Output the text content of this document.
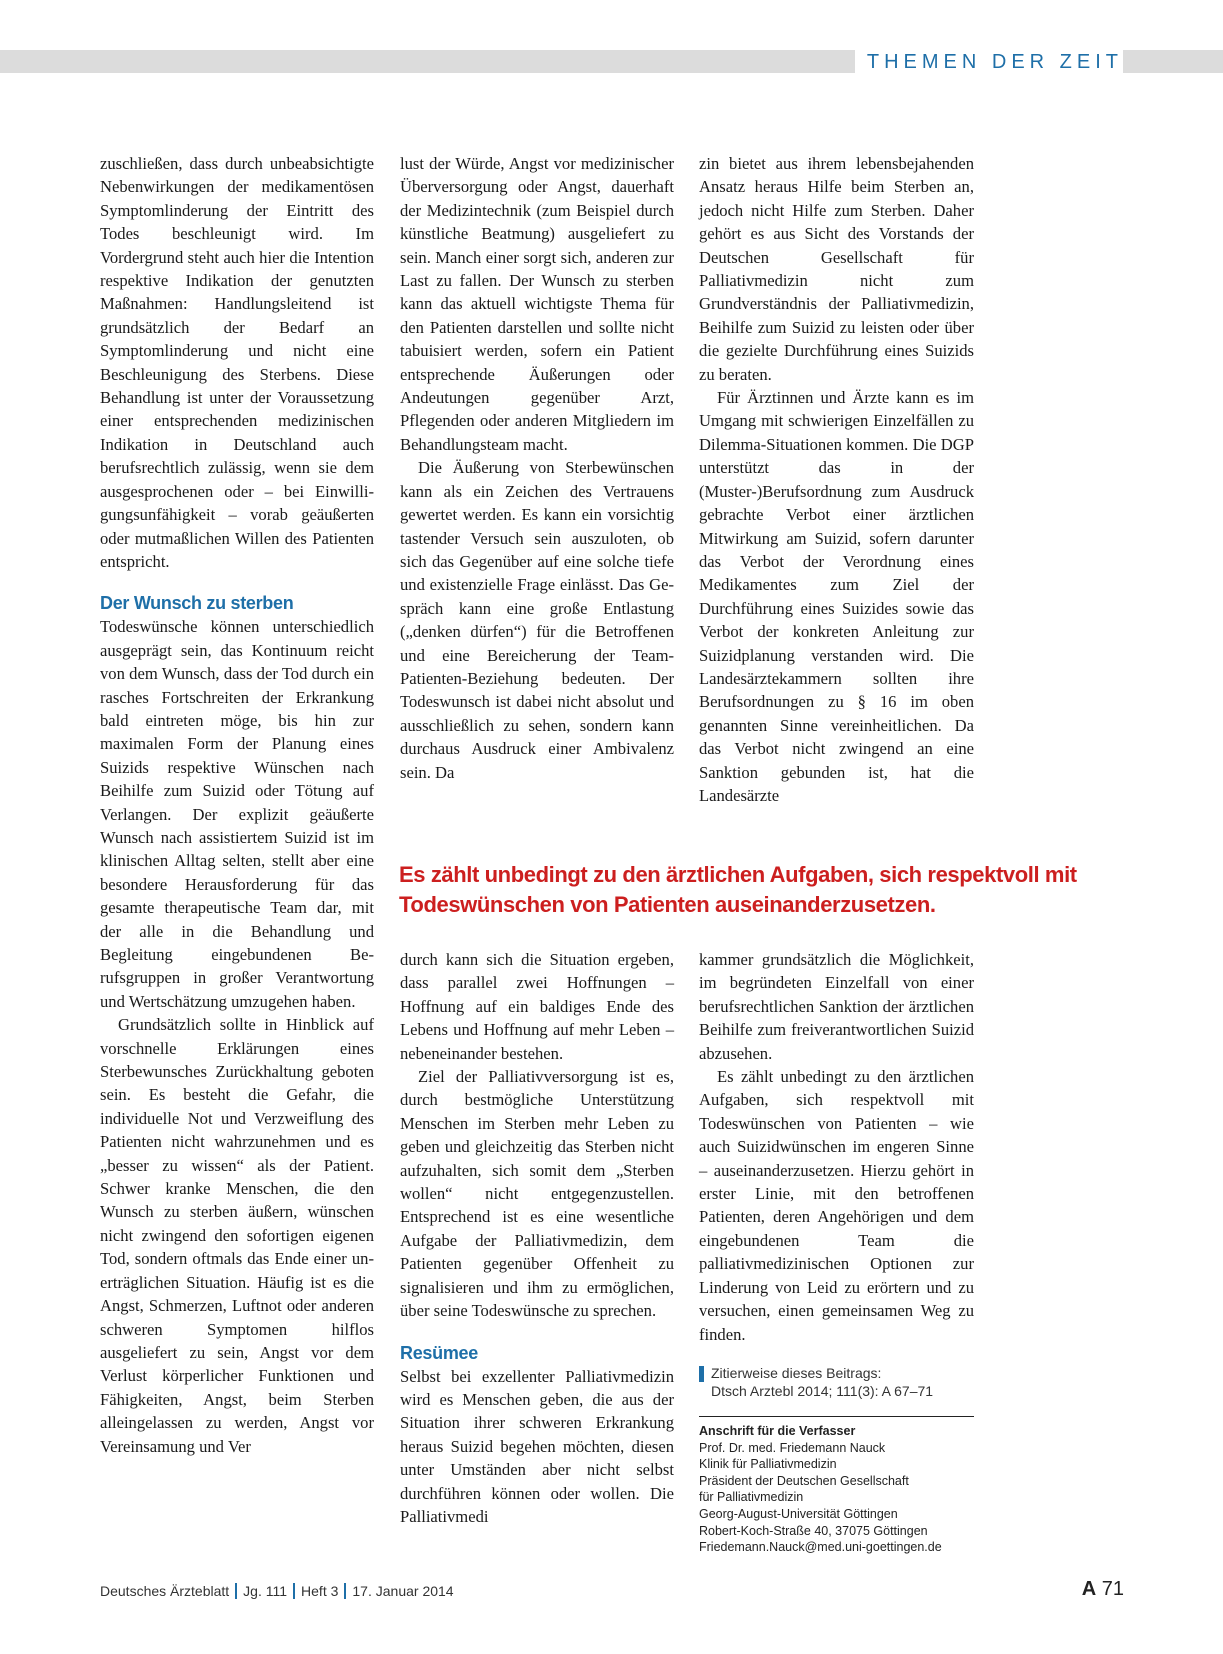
THEMEN DER ZEIT

zuschließen, dass durch unbeabsichtigte Nebenwirkungen der medikamentösen Symptomlinderung der Eintritt des Todes beschleunigt wird. Im Vordergrund steht auch hier die Intention respektive Indikation der genutzten Maßnahmen: Handlungsleitend ist grundsätzlich der Bedarf an Symptomlinderung und nicht eine Beschleunigung des Sterbens. Diese Behandlung ist unter der Voraussetzung einer entsprechenden medizinischen Indikation in Deutschland auch berufsrechtlich zulässig, wenn sie dem ausgesprochenen oder – bei Einwilligungsunfähigkeit – vorab geäußerten oder mutmaßlichen Willen des Patienten entspricht.

Der Wunsch zu sterben

Todeswünsche können unterschiedlich ausgeprägt sein, das Kontinuum reicht von dem Wunsch, dass der Tod durch ein rasches Fortschreiten der Erkrankung bald eintreten möge, bis hin zur maximalen Form der Planung eines Suizids respektive Wünschen nach Beihilfe zum Suizid oder Tötung auf Verlangen. Der explizit geäußerte Wunsch nach assistiertem Suizid ist im klinischen Alltag selten, stellt aber eine besondere Herausforderung für das gesamte therapeutische Team dar, mit der alle in die Behandlung und Begleitung eingebundenen Berufsgruppen in großer Verantwortung und Wertschätzung umzugehen haben.

Grundsätzlich sollte in Hinblick auf vorschnelle Erklärungen eines Sterbewunsches Zurückhaltung geboten sein. Es besteht die Gefahr, die individuelle Not und Verzweiflung des Patienten nicht wahrzunehmen und es „besser zu wissen“ als der Patient. Schwer kranke Menschen, die den Wunsch zu sterben äußern, wünschen nicht zwingend den sofortigen eigenen Tod, sondern oftmals das Ende einer unerträglichen Situation. Häufig ist es die Angst, Schmerzen, Luftnot oder anderen schweren Symptomen hilflos ausgeliefert zu sein, Angst vor dem Verlust körperlicher Funktionen und Fähigkeiten, Angst, beim Sterben alleingelassen zu werden, Angst vor Vereinsamung und Ver

lust der Würde, Angst vor medizinischer Überversorgung oder Angst, dauerhaft der Medizintechnik (zum Beispiel durch künstliche Beatmung) ausgeliefert zu sein. Manch einer sorgt sich, anderen zur Last zu fallen. Der Wunsch zu sterben kann das aktuell wichtigste Thema für den Patienten darstellen und sollte nicht tabuisiert werden, sofern ein Patient entsprechende Äußerungen oder Andeutungen gegenüber Arzt, Pflegenden oder anderen Mitgliedern im Behandlungsteam macht.

Die Äußerung von Sterbewünschen kann als ein Zeichen des Vertrauens gewertet werden. Es kann ein vorsichtig tastender Versuch sein auszuloten, ob sich das Gegenüber auf eine solche tiefe und existenzielle Frage einlässt. Das Gespräch kann eine große Entlastung („denken dürfen“) für die Betroffenen und eine Bereicherung der Team-Patienten-Beziehung bedeuten. Der Todeswunsch ist dabei nicht absolut und ausschließlich zu sehen, sondern kann durchaus Ausdruck einer Ambivalenz sein. Da

zin bietet aus ihrem lebensbejahenden Ansatz heraus Hilfe beim Sterben an, jedoch nicht Hilfe zum Sterben. Daher gehört es aus Sicht des Vorstands der Deutschen Gesellschaft für Palliativmedizin nicht zum Grundverständnis der Palliativmedizin, Beihilfe zum Suizid zu leisten oder über die gezielte Durchführung eines Suizids zu beraten.

Für Ärztinnen und Ärzte kann es im Umgang mit schwierigen Einzelfällen zu Dilemma-Situationen kommen. Die DGP unterstützt das in der (Muster-)Berufsordnung zum Ausdruck gebrachte Verbot einer ärztlichen Mitwirkung am Suizid, sofern darunter das Verbot der Verordnung eines Medikamentes zum Ziel der Durchführung eines Suizides sowie das Verbot der konkreten Anleitung zur Suizidplanung verstanden wird. Die Landesärztekammern sollten ihre Berufsordnungen zu § 16 im oben genannten Sinne vereinheitlichen. Da das Verbot nicht zwingend an eine Sanktion gebunden ist, hat die Landesärzte

Es zählt unbedingt zu den ärztlichen Aufgaben, sich respektvoll mit Todeswünschen von Patienten auseinanderzusetzen.

durch kann sich die Situation ergeben, dass parallel zwei Hoffnungen – Hoffnung auf ein baldiges Ende des Lebens und Hoffnung auf mehr Leben – nebeneinander bestehen.

Ziel der Palliativversorgung ist es, durch bestmögliche Unterstützung Menschen im Sterben mehr Leben zu geben und gleichzeitig das Sterben nicht aufzuhalten, sich somit dem „Sterben wollen“ nicht entgegenzustellen. Entsprechend ist es eine wesentliche Aufgabe der Palliativmedizin, dem Patienten gegenüber Offenheit zu signalisieren und ihm zu ermöglichen, über seine Todeswünsche zu sprechen.

Resümee

Selbst bei exzellenter Palliativmedizin wird es Menschen geben, die aus der Situation ihrer schweren Erkrankung heraus Suizid begehen möchten, diesen unter Umständen aber nicht selbst durchführen können oder wollen. Die Palliativmedi

kammer grundsätzlich die Möglichkeit, im begründeten Einzelfall von einer berufsrechtlichen Sanktion der ärztlichen Beihilfe zum freiverantwortlichen Suizid abzusehen.

Es zählt unbedingt zu den ärztlichen Aufgaben, sich respektvoll mit Todeswünschen von Patienten – wie auch Suizidwünschen im engeren Sinne – auseinanderzusetzen. Hierzu gehört in erster Linie, mit den betroffenen Patienten, deren Angehörigen und dem eingebundenen Team die palliativmedizinischen Optionen zur Linderung von Leid zu erörtern und zu versuchen, einen gemeinsamen Weg zu finden.

Zitierweise dieses Beitrags:
Dtsch Arztebl 2014; 111(3): A 67–71
Anschrift für die Verfasser
Prof. Dr. med. Friedemann Nauck
Klinik für Palliativmedizin
Präsident der Deutschen Gesellschaft
für Palliativmedizin
Georg-August-Universität Göttingen
Robert-Koch-Straße 40, 37075 Göttingen
Friedemann.Nauck@med.uni-goettingen.de
Deutsches Ärzteblatt Jg. 111 Heft 3 17. Januar 2014	A 71
